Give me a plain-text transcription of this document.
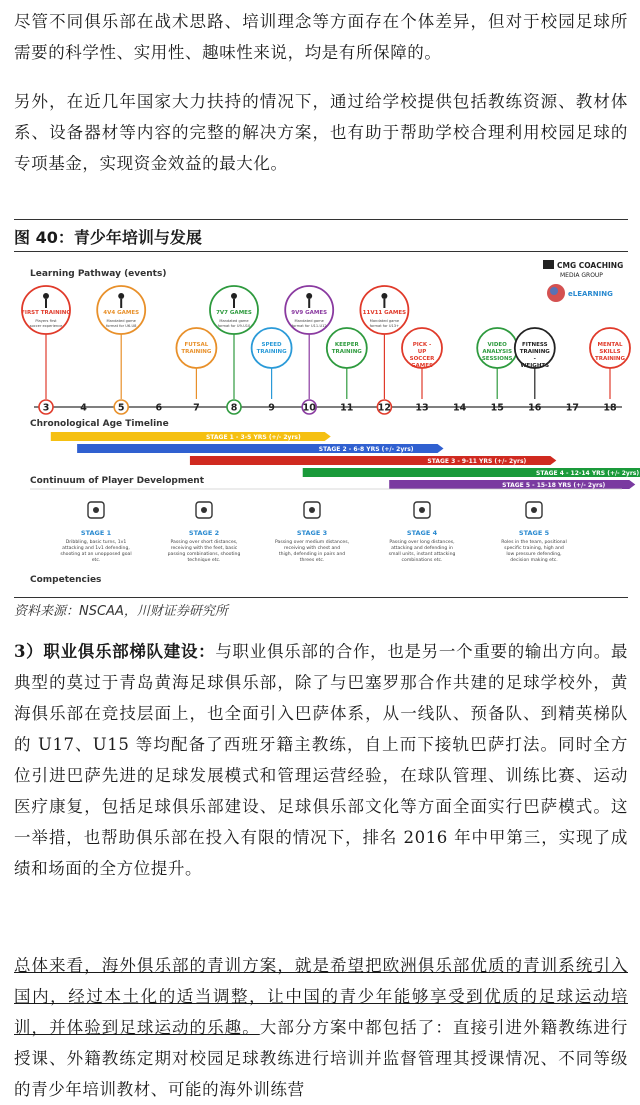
尽管不同俱乐部在战术思路、培训理念等方面存在个体差异，但对于校园足球所需要的科学性、实用性、趣味性来说，均是有所保障的。

另外，在近几年国家大力扶持的情况下，通过给学校提供包括教练资源、教材体系、设备器材等内容的完整的解决方案，也有助于帮助学校合理利用校园足球的专项基金，实现资金效益的最大化。

图 40：青少年培训与发展
Learning Pathway (events)
CMG COACHING
MEDIA GROUP
eLEARNING
FIRST TRAINING
Players first
soccer experience
4V4 GAMES
Mandated game
format for U6-U8
FUTSAL
TRAINING
7V7 GAMES
Mandated game
format for U9-U10
SPEED
TRAINING
9V9 GAMES
Mandated game
format for U11-U12
KEEPER
TRAINING
11V11 GAMES
Mandated game
format for U13+
PICK -
UP
SOCCER
GAMES
VIDEO
ANALYSIS
SESSIONS
FITNESS
TRAINING
-
WEIGHTS
MENTAL
SKILLS
TRAINING
3	4	5	6	7	8	9	10	11	12	13	14	15	16	17	18
Chronological Age Timeline
STAGE 1 - 3-5 YRS (+/- 2yrs)
STAGE 2 - 6-8 YRS (+/- 2yrs)
STAGE 3 - 9-11 YRS (+/- 2yrs)
STAGE 4 - 12-14 YRS (+/- 2yrs)
STAGE 5 - 15-18 YRS (+/- 2yrs)
Continuum of Player Development
STAGE 1
Dribbling, basic turns, 1v1
attacking and 1v1 defending,
shooting at an unopposed goal
etc.
STAGE 2
Passing over short distances,
receiving with the feet, basic
passing combinations, shooting
technique etc.
STAGE 3
Passing over medium distances,
receiving with chest and
thigh, defending in pairs and
threes etc.
STAGE 4
Passing over long distances,
attacking and defending in
small units, instant attacking
combinations etc.
STAGE 5
Roles in the team, positional
specific training, high and
low pressure defending,
decision making etc.
Competencies
资料来源：NSCAA，川财证券研究所

3）职业俱乐部梯队建设：与职业俱乐部的合作，也是另一个重要的输出方向。最典型的莫过于青岛黄海足球俱乐部，除了与巴塞罗那合作共建的足球学校外，黄海俱乐部在竞技层面上，也全面引入巴萨体系，从一线队、预备队、到精英梯队的 U17、U15 等均配备了西班牙籍主教练，自上而下接轨巴萨打法。同时全方位引进巴萨先进的足球发展模式和管理运营经验，在球队管理、训练比赛、运动医疗康复，包括足球俱乐部建设、足球俱乐部文化等方面全面实行巴萨模式。这一举措，也帮助俱乐部在投入有限的情况下，排名 2016 年中甲第三，实现了成绩和场面的全方位提升。

总体来看，海外俱乐部的青训方案，就是希望把欧洲俱乐部优质的青训系统引入国内，经过本土化的适当调整，让中国的青少年能够享受到优质的足球运动培训，并体验到足球运动的乐趣。大部分方案中都包括了：直接引进外籍教练进行授课、外籍教练定期对校园足球教练进行培训并监督管理其授课情况、不同等级的青少年培训教材、可能的海外训练营
